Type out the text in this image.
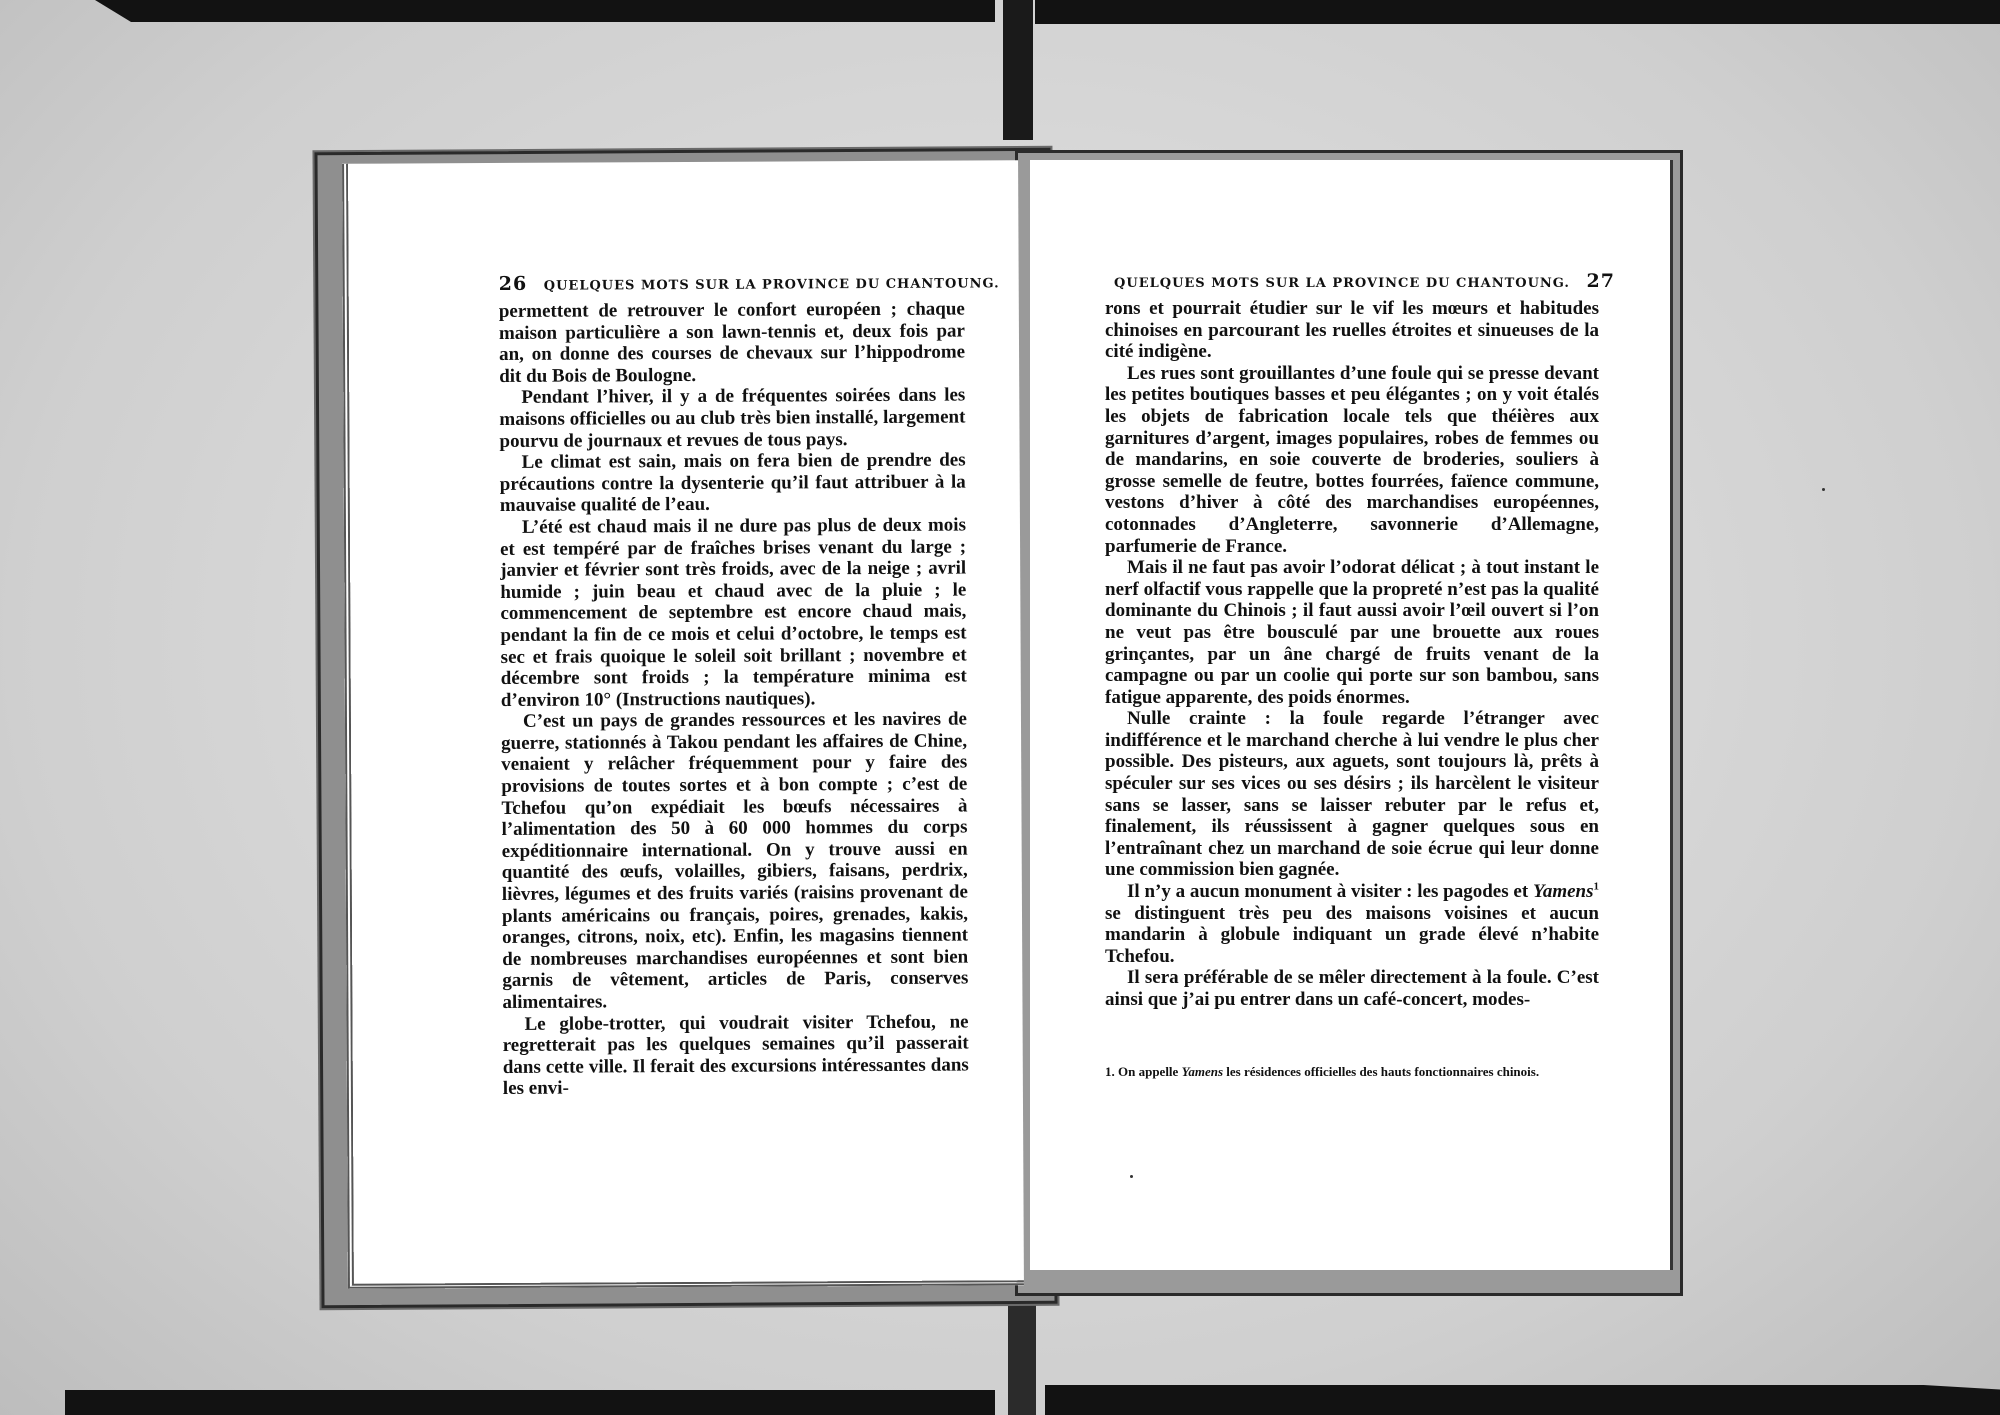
26 QUELQUES MOTS SUR LA PROVINCE DU CHANTOUNG.

permettent de retrouver le confort européen ; chaque maison particulière a son lawn-tennis et, deux fois par an, on donne des courses de chevaux sur l’hippodrome dit du Bois de Boulogne.

Pendant l’hiver, il y a de fréquentes soirées dans les maisons officielles ou au club très bien installé, largement pourvu de journaux et revues de tous pays.

Le climat est sain, mais on fera bien de prendre des précautions contre la dysenterie qu’il faut attribuer à la mauvaise qualité de l’eau.

L’été est chaud mais il ne dure pas plus de deux mois et est tempéré par de fraîches brises venant du large ; janvier et février sont très froids, avec de la neige ; avril humide ; juin beau et chaud avec de la pluie ; le commencement de septembre est encore chaud mais, pendant la fin de ce mois et celui d’octobre, le temps est sec et frais quoique le soleil soit brillant ; novembre et décembre sont froids ; la température minima est d’environ 10° (Instructions nautiques).

C’est un pays de grandes ressources et les navires de guerre, stationnés à Takou pendant les affaires de Chine, venaient y relâcher fréquemment pour y faire des provisions de toutes sortes et à bon compte ; c’est de Tchefou qu’on expédiait les bœufs nécessaires à l’alimentation des 50 à 60 000 hommes du corps expéditionnaire international. On y trouve aussi en quantité des œufs, volailles, gibiers, faisans, perdrix, lièvres, légumes et des fruits variés (raisins provenant de plants américains ou français, poires, grenades, kakis, oranges, citrons, noix, etc). Enfin, les magasins tiennent de nombreuses marchandises européennes et sont bien garnis de vêtement, articles de Paris, conserves alimentaires.

Le globe-trotter, qui voudrait visiter Tchefou, ne regretterait pas les quelques semaines qu’il passerait dans cette ville. Il ferait des excursions intéressantes dans les envi-

QUELQUES MOTS SUR LA PROVINCE DU CHANTOUNG. 27

rons et pourrait étudier sur le vif les mœurs et habitudes chinoises en parcourant les ruelles étroites et sinueuses de la cité indigène.

Les rues sont grouillantes d’une foule qui se presse devant les petites boutiques basses et peu élégantes ; on y voit étalés les objets de fabrication locale tels que théières aux garnitures d’argent, images populaires, robes de femmes ou de mandarins, en soie couverte de broderies, souliers à grosse semelle de feutre, bottes fourrées, faïence commune, vestons d’hiver à côté des marchandises européennes, cotonnades d’Angleterre, savonnerie d’Allemagne, parfumerie de France.

Mais il ne faut pas avoir l’odorat délicat ; à tout instant le nerf olfactif vous rappelle que la propreté n’est pas la qualité dominante du Chinois ; il faut aussi avoir l’œil ouvert si l’on ne veut pas être bousculé par une brouette aux roues grinçantes, par un âne chargé de fruits venant de la campagne ou par un coolie qui porte sur son bambou, sans fatigue apparente, des poids énormes.

Nulle crainte : la foule regarde l’étranger avec indifférence et le marchand cherche à lui vendre le plus cher possible. Des pisteurs, aux aguets, sont toujours là, prêts à spéculer sur ses vices ou ses désirs ; ils harcèlent le visiteur sans se lasser, sans se laisser rebuter par le refus et, finalement, ils réussissent à gagner quelques sous en l’entraînant chez un marchand de soie écrue qui leur donne une commission bien gagnée.

Il n’y a aucun monument à visiter : les pagodes et Yamens$^1$ se distinguent très peu des maisons voisines et aucun mandarin à globule indiquant un grade élevé n’habite Tchefou.

Il sera préférable de se mêler directement à la foule. C’est ainsi que j’ai pu entrer dans un café-concert, modes-

1. On appelle Yamens les résidences officielles des hauts fonctionnaires chinois.
